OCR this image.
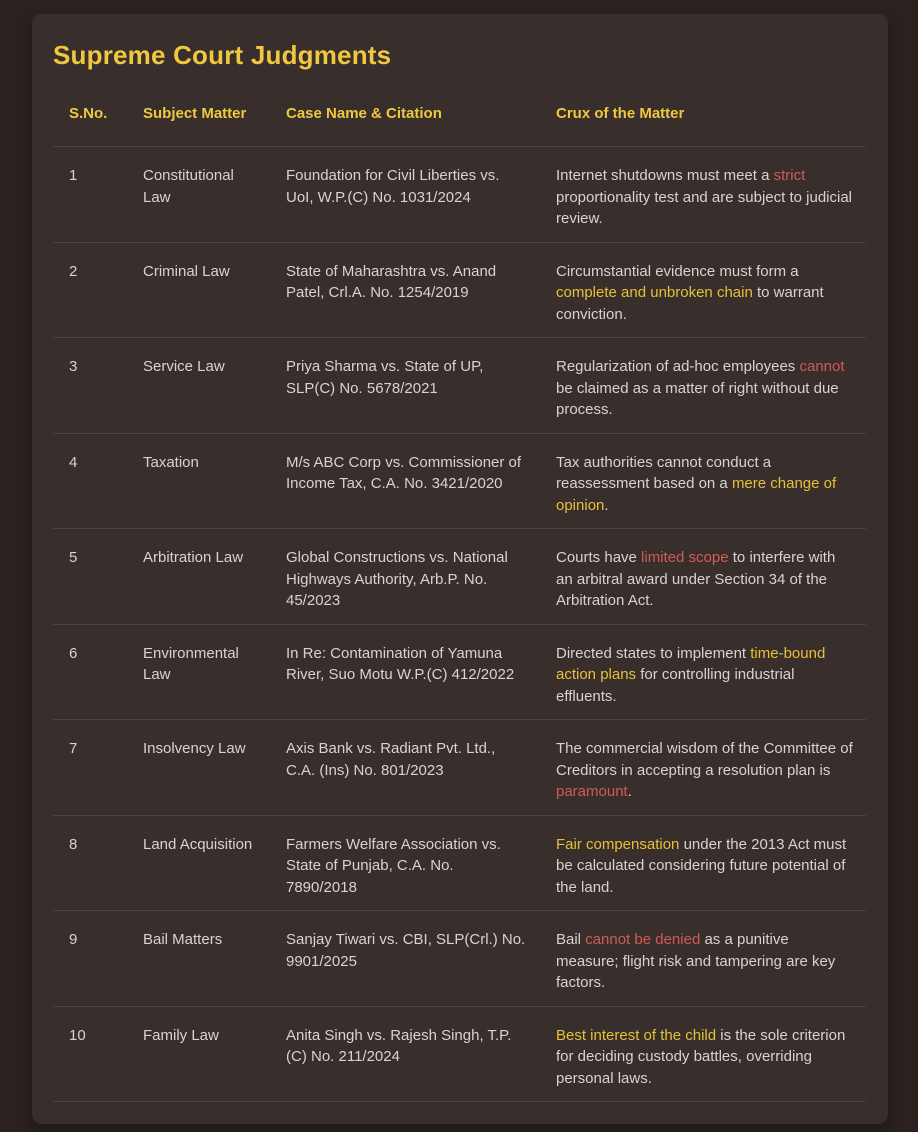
Supreme Court Judgments
S.No.	Subject Matter	Case Name & Citation	Crux of the Matter
1	Constitutional Law	Foundation for Civil Liberties vs. UoI, W.P.(C) No. 1031/2024	Internet shutdowns must meet a strict proportionality test and are subject to judicial review.
2	Criminal Law	State of Maharashtra vs. Anand Patel, Crl.A. No. 1254/2019	Circumstantial evidence must form a complete and unbroken chain to warrant conviction.
3	Service Law	Priya Sharma vs. State of UP, SLP(C) No. 5678/2021	Regularization of ad-hoc employees cannot be claimed as a matter of right without due process.
4	Taxation	M/s ABC Corp vs. Commissioner of Income Tax, C.A. No. 3421/2020	Tax authorities cannot conduct a reassessment based on a mere change of opinion.
5	Arbitration Law	Global Constructions vs. National Highways Authority, Arb.P. No. 45/2023	Courts have limited scope to interfere with an arbitral award under Section 34 of the Arbitration Act.
6	Environmental Law	In Re: Contamination of Yamuna River, Suo Motu W.P.(C) 412/2022	Directed states to implement time-bound action plans for controlling industrial effluents.
7	Insolvency Law	Axis Bank vs. Radiant Pvt. Ltd., C.A. (Ins) No. 801/2023	The commercial wisdom of the Committee of Creditors in accepting a resolution plan is paramount.
8	Land Acquisition	Farmers Welfare Association vs. State of Punjab, C.A. No. 7890/2018	Fair compensation under the 2013 Act must be calculated considering future potential of the land.
9	Bail Matters	Sanjay Tiwari vs. CBI, SLP(Crl.) No. 9901/2025	Bail cannot be denied as a punitive measure; flight risk and tampering are key factors.
10	Family Law	Anita Singh vs. Rajesh Singh, T.P.(C) No. 211/2024	Best interest of the child is the sole criterion for deciding custody battles, overriding personal laws.
